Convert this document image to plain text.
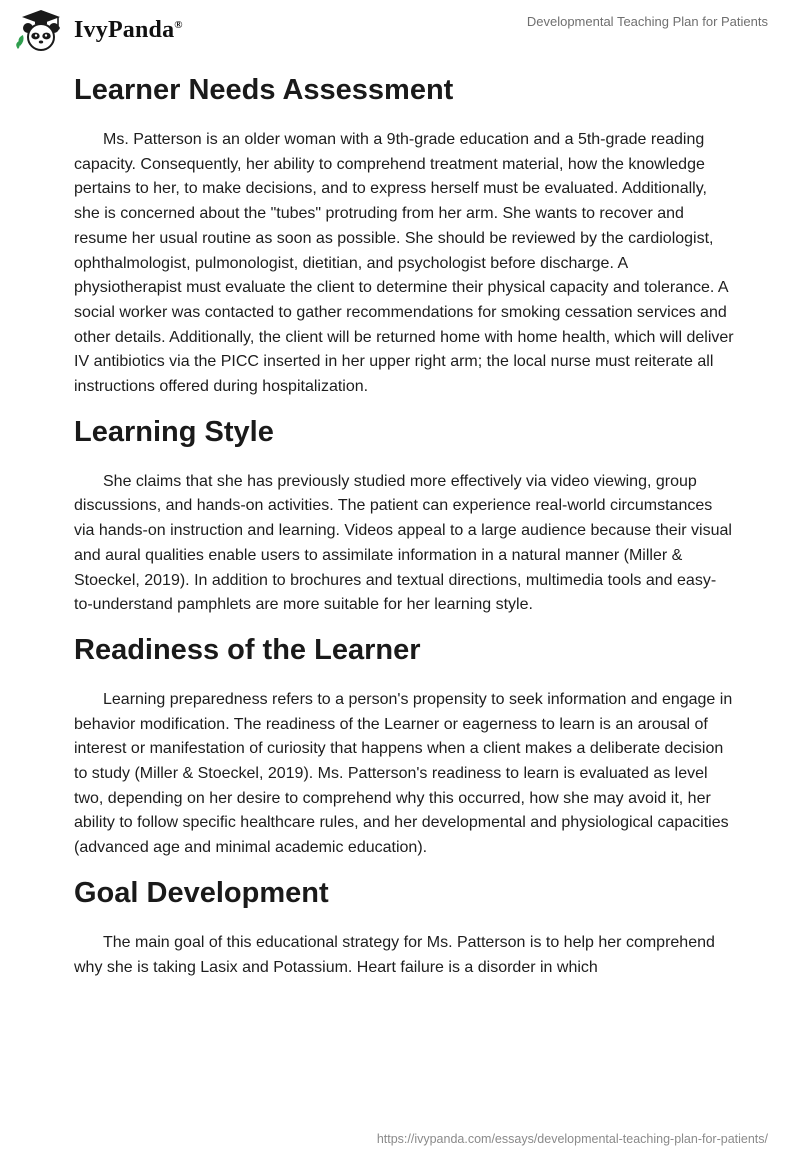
IvyPanda®	Developmental Teaching Plan for Patients
Learner Needs Assessment

Ms. Patterson is an older woman with a 9th-grade education and a 5th-grade reading capacity. Consequently, her ability to comprehend treatment material, how the knowledge pertains to her, to make decisions, and to express herself must be evaluated. Additionally, she is concerned about the "tubes" protruding from her arm. She wants to recover and resume her usual routine as soon as possible. She should be reviewed by the cardiologist, ophthalmologist, pulmonologist, dietitian, and psychologist before discharge. A physiotherapist must evaluate the client to determine their physical capacity and tolerance. A social worker was contacted to gather recommendations for smoking cessation services and other details. Additionally, the client will be returned home with home health, which will deliver IV antibiotics via the PICC inserted in her upper right arm; the local nurse must reiterate all instructions offered during hospitalization.

Learning Style

She claims that she has previously studied more effectively via video viewing, group discussions, and hands-on activities. The patient can experience real-world circumstances via hands-on instruction and learning. Videos appeal to a large audience because their visual and aural qualities enable users to assimilate information in a natural manner (Miller & Stoeckel, 2019). In addition to brochures and textual directions, multimedia tools and easy-to-understand pamphlets are more suitable for her learning style.

Readiness of the Learner

Learning preparedness refers to a person's propensity to seek information and engage in behavior modification. The readiness of the Learner or eagerness to learn is an arousal of interest or manifestation of curiosity that happens when a client makes a deliberate decision to study (Miller & Stoeckel, 2019). Ms. Patterson's readiness to learn is evaluated as level two, depending on her desire to comprehend why this occurred, how she may avoid it, her ability to follow specific healthcare rules, and her developmental and physiological capacities (advanced age and minimal academic education).

Goal Development

The main goal of this educational strategy for Ms. Patterson is to help her comprehend why she is taking Lasix and Potassium. Heart failure is a disorder in which

https://ivypanda.com/essays/developmental-teaching-plan-for-patients/
